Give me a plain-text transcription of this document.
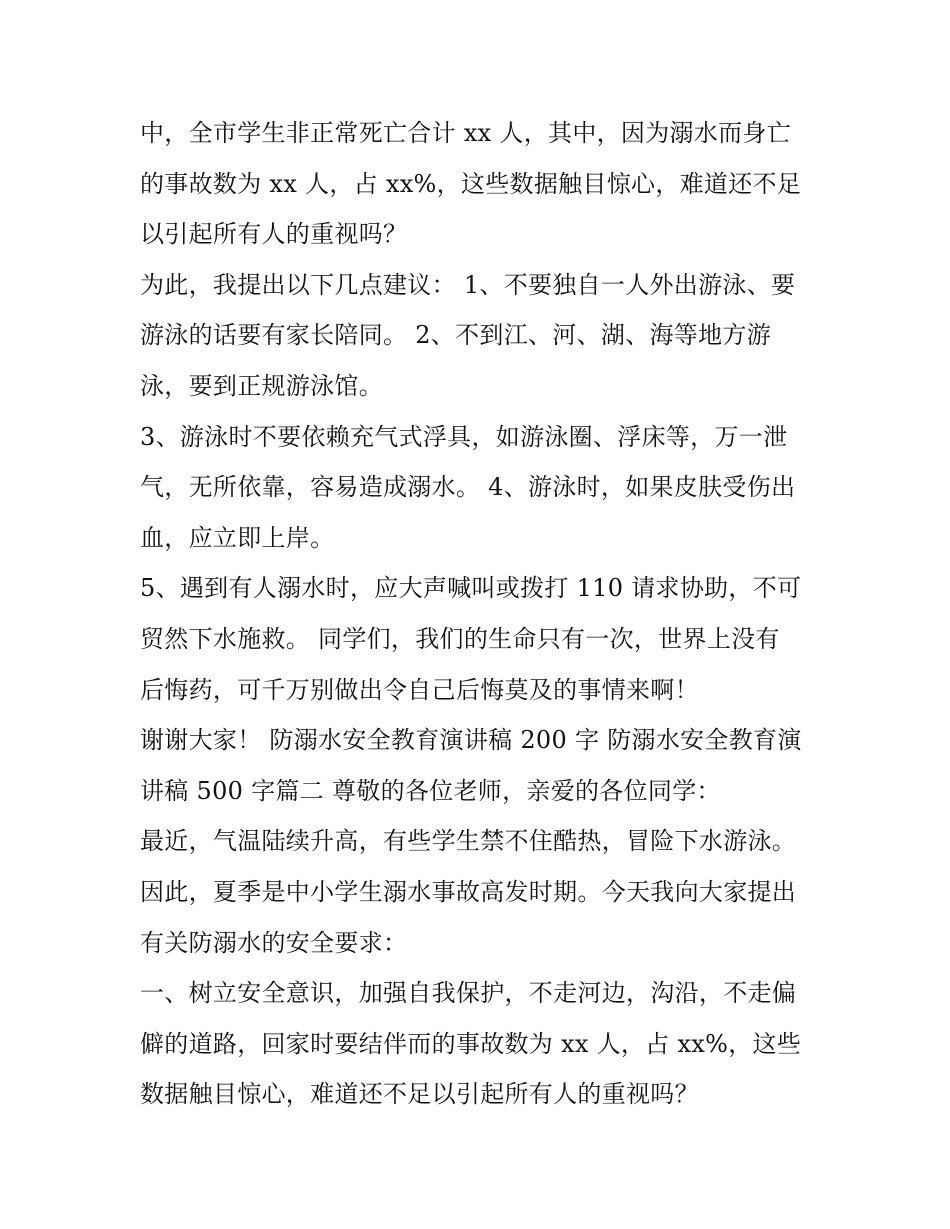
中，全市学生非正常死亡合计 xx 人，其中，因为溺水而身亡
的事故数为 xx 人，占 xx%，这些数据触目惊心，难道还不足
以引起所有人的重视吗？
为此，我提出以下几点建议： 1、不要独自一人外出游泳、要
游泳的话要有家长陪同。 2、不到江、河、湖、海等地方游
泳，要到正规游泳馆。
3、游泳时不要依赖充气式浮具，如游泳圈、浮床等，万一泄
气，无所依靠，容易造成溺水。 4、游泳时，如果皮肤受伤出
血，应立即上岸。
5、遇到有人溺水时，应大声喊叫或拨打 110 请求协助，不可
贸然下水施救。 同学们，我们的生命只有一次，世界上没有
后悔药，可千万别做出令自己后悔莫及的事情来啊！
谢谢大家！ 防溺水安全教育演讲稿 200 字 防溺水安全教育演
讲稿 500 字篇二 尊敬的各位老师，亲爱的各位同学：
最近，气温陆续升高，有些学生禁不住酷热，冒险下水游泳。
因此，夏季是中小学生溺水事故高发时期。今天我向大家提出
有关防溺水的安全要求：
一、树立安全意识，加强自我保护，不走河边，沟沿，不走偏
僻的道路，回家时要结伴而的事故数为 xx 人，占 xx%，这些
数据触目惊心，难道还不足以引起所有人的重视吗？
